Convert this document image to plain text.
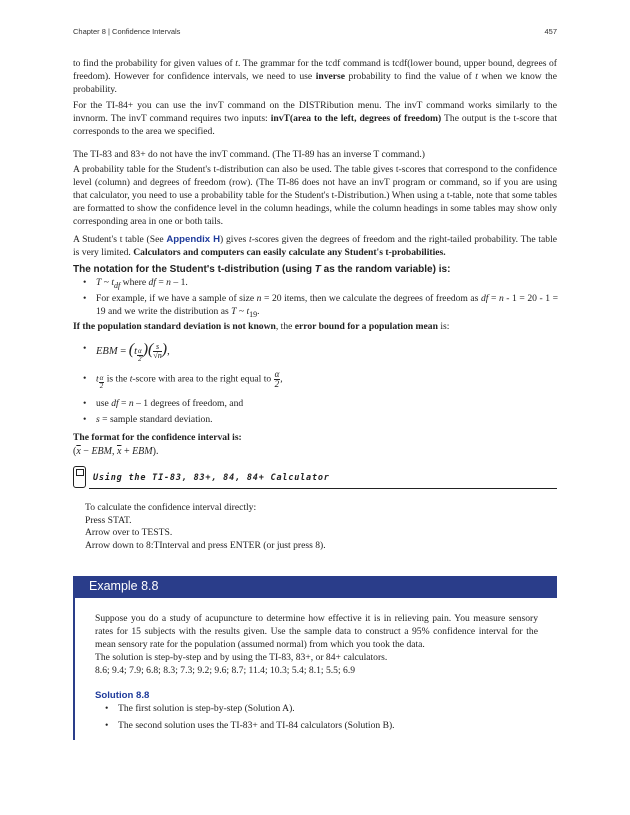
Chapter 8 | Confidence Intervals	457

to find the probability for given values of t. The grammar for the tcdf command is tcdf(lower bound, upper bound, degrees of freedom). However for confidence intervals, we need to use inverse probability to find the value of t when we know the probability.

For the TI-84+ you can use the invT command on the DISTRibution menu. The invT command works similarly to the invnorm. The invT command requires two inputs: invT(area to the left, degrees of freedom) The output is the t-score that corresponds to the area we specified.

The TI-83 and 83+ do not have the invT command. (The TI-89 has an inverse T command.)

A probability table for the Student's t-distribution can also be used. The table gives t-scores that correspond to the confidence level (column) and degrees of freedom (row). (The TI-86 does not have an invT program or command, so if you are using that calculator, you need to use a probability table for the Student's t-Distribution.) When using a t-table, note that some tables are formatted to show the confidence level in the column headings, while the column headings in some tables may show only corresponding area in one or both tails.

A Student's t table (See Appendix H) gives t-scores given the degrees of freedom and the right-tailed probability. The table is very limited. Calculators and computers can easily calculate any Student's t-probabilities.

The notation for the Student's t-distribution (using T as the random variable) is:
• T ~ $t_{df}$ where df = n – 1.
• For example, if we have a sample of size n = 20 items, then we calculate the degrees of freedom as df = n - 1 = 20 - 1 = 19 and we write the distribution as T ~ $t_{19}$.

If the population standard deviation is not known, the error bound for a population mean is:

• EBM = ($t \frac{\alpha}{2}$ )( $\frac{s}{√n}$ ),
• t $\frac{\alpha}{2}$ is the t-score with area to the right equal to $\frac{\alpha}{2}$ ,
• use df = n – 1 degrees of freedom, and
• s = sample standard deviation.

The format for the confidence interval is:

($\overline{x}$ − EBM, $\overline{x} + EBM$).
Using the TI-83, 83+, 84, 84+ Calculator
To calculate the confidence interval directly:
Press STAT.
Arrow over to TESTS.
Arrow down to 8:TInterval and press ENTER (or just press 8).
Example 8.8

Suppose you do a study of acupuncture to determine how effective it is in relieving pain. You measure sensory rates for 15 subjects with the results given. Use the sample data to construct a 95% confidence interval for the mean sensory rate for the population (assumed normal) from which you took the data.

The solution is step-by-step and by using the TI-83, 83+, or 84+ calculators.

8.6; 9.4; 7.9; 6.8; 8.3; 7.3; 9.2; 9.6; 8.7; 11.4; 10.3; 5.4; 8.1; 5.5; 6.9
Solution 8.8
• The first solution is step-by-step (Solution A).
• The second solution uses the TI-83+ and TI-84 calculators (Solution B).
